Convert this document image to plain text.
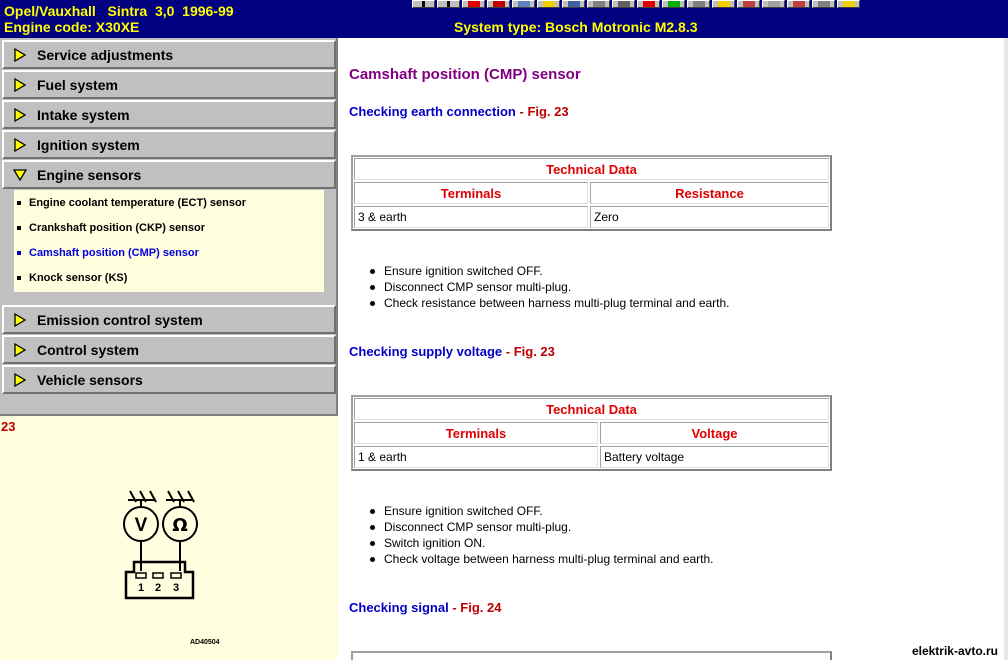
Opel/Vauxhall   Sintra  3,0  1996-99
Engine code: X30XE	System type: Bosch Motronic M2.8.3
Service adjustments
Fuel system
Intake system
Ignition system
Engine sensors
Engine coolant temperature (ECT) sensor
Crankshaft position (CKP) sensor
Camshaft position (CMP) sensor
Knock sensor (KS)
Emission control system
Control system
Vehicle sensors
23
V Ω
1 2 3
AD40504
Camshaft position (CMP) sensor
Checking earth connection - Fig. 23
Technical Data
Terminals	Resistance
3 & earth	Zero
Ensure ignition switched OFF.
Disconnect CMP sensor multi-plug.
Check resistance between harness multi-plug terminal and earth.
Checking supply voltage - Fig. 23
Technical Data
Terminals	Voltage
1 & earth	Battery voltage
Ensure ignition switched OFF.
Disconnect CMP sensor multi-plug.
Switch ignition ON.
Check voltage between harness multi-plug terminal and earth.
Checking signal - Fig. 24
elektrik-avto.ru
